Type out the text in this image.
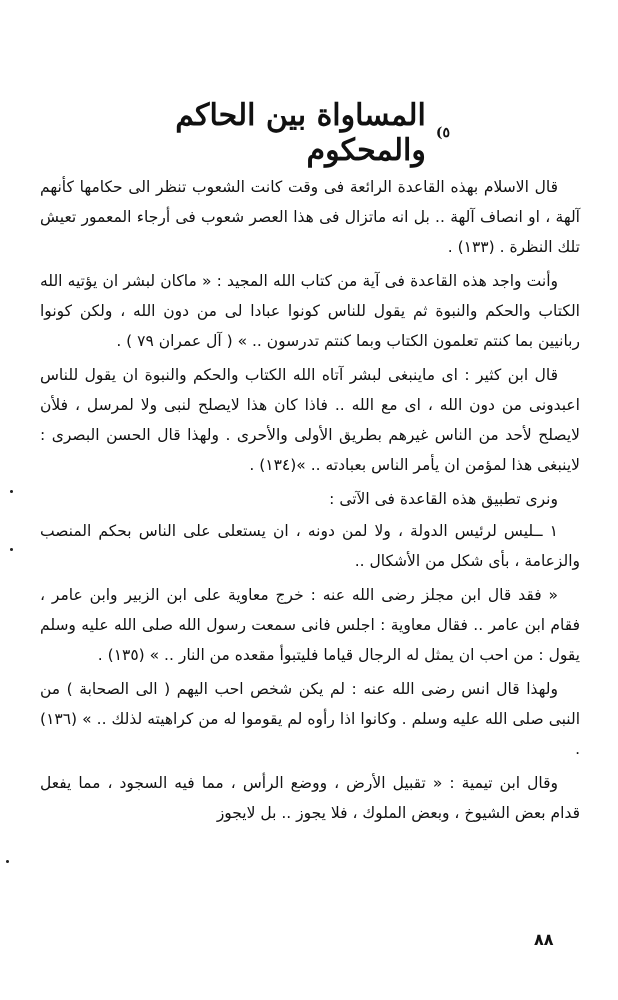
٥)
المساواة بين الحاكم والمحكوم

قال الاسلام بهذه القاعدة الرائعة فى وقت كانت الشعوب تنظر الى حكامها كأنهم آلهة ، او انصاف آلهة .. بل انه ماتزال فى هذا العصر شعوب فى أرجاء المعمور تعيش تلك النظرة . (١٣٣) .

وأنت واجد هذه القاعدة فى آية من كتاب الله المجيد : « ماكان لبشر ان يؤتيه الله الكتاب والحكم والنبوة ثم يقول للناس كونوا عبادا لى من دون الله ، ولكن كونوا ربانيين بما كنتم تعلمون الكتاب وبما كنتم تدرسون .. » ( آل عمران ٧٩ ) .

قال ابن كثير : اى ماينبغى لبشر آتاه الله الكتاب والحكم والنبوة ان يقول للناس اعبدونى من دون الله ، اى مع الله .. فاذا كان هذا لايصلح لنبى ولا لمرسل ، فلأن لايصلح لأحد من الناس غيرهم بطريق الأولى والأحرى . ولهذا قال الحسن البصرى : لاينبغى هذا لمؤمن ان يأمر الناس بعبادته .. »(١٣٤) .

ونرى تطبيق هذه القاعدة فى الآتى :

١ ــليس لرئيس الدولة ، ولا لمن دونه ، ان يستعلى على الناس بحكم المنصب والزعامة ، بأى شكل من الأشكال ..

« فقد قال ابن مجلز رضى الله عنه : خرج معاوية على ابن الزبير وابن عامر ، فقام ابن عامر .. فقال معاوية : اجلس فانى سمعت رسول الله صلى الله عليه وسلم يقول : من احب ان يمثل له الرجال قياما فليتبوأ مقعده من النار .. » (١٣٥) .

ولهذا قال انس رضى الله عنه : لم يكن شخص احب اليهم ( الى الصحابة ) من النبى صلى الله عليه وسلم . وكانوا اذا رأوه لم يقوموا له من كراهيته لذلك .. » (١٣٦) .

وقال ابن تيمية : « تقبيل الأرض ، ووضع الرأس ، مما فيه السجود ، مما يفعل قدام بعض الشيوخ ، وبعض الملوك ، فلا يجوز .. بل لايجوز

٨٨
